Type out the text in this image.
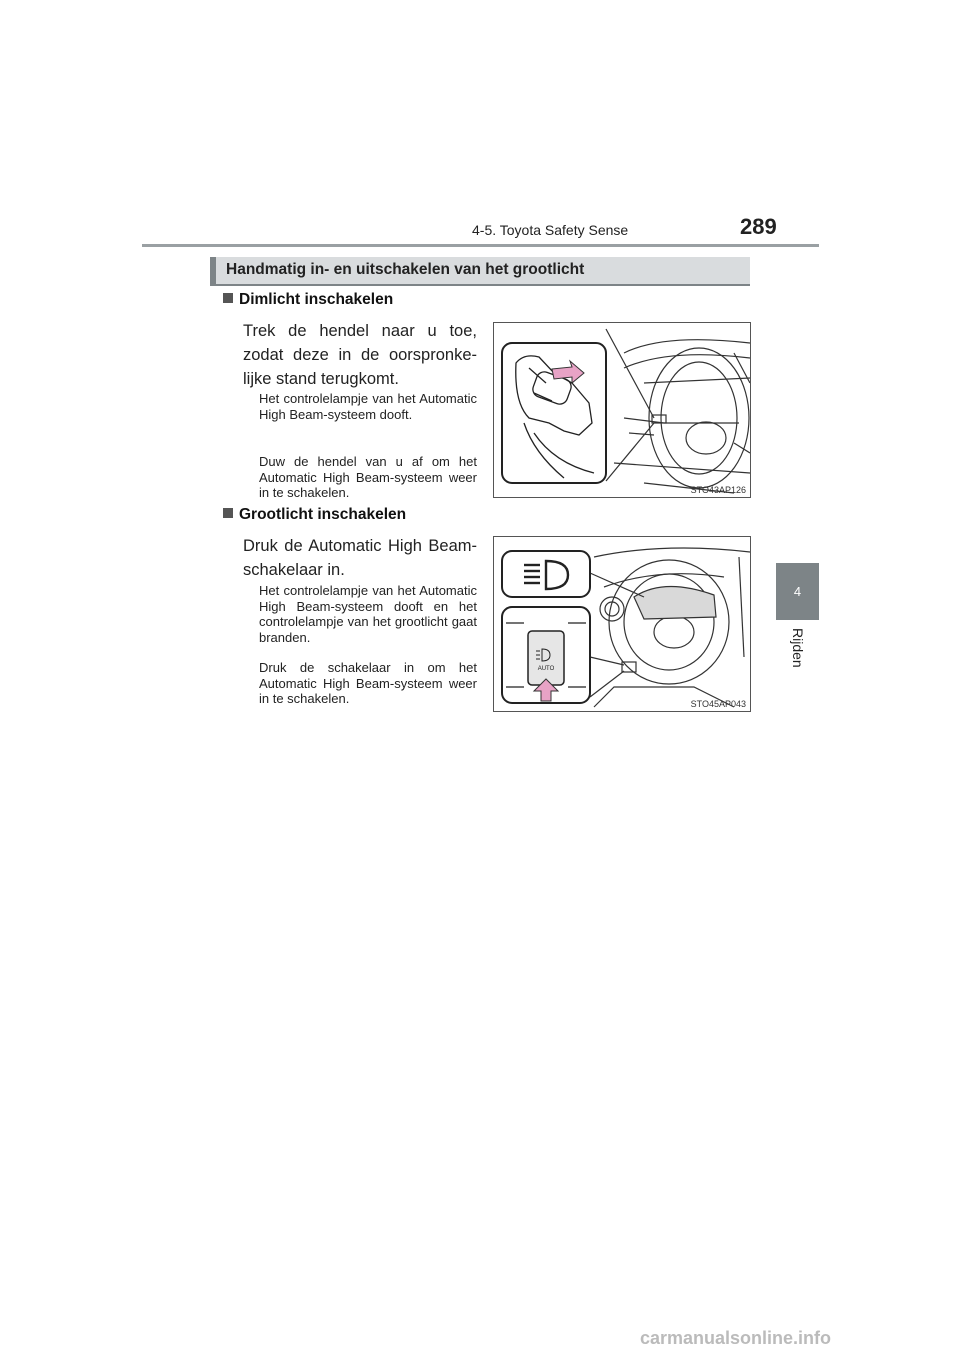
4-5. Toyota Safety Sense	289
4
Rijden
Handmatig in- en uitschakelen van het grootlicht
Dimlicht inschakelen
Trek de hendel naar u toe, zodat deze in de oorspronke-lijke stand terugkomt.
Het controlelampje van het Automatic High Beam-systeem dooft.
Duw de hendel van u af om het Automatic High Beam-systeem weer in te schakelen.	STO43AP126
Grootlicht inschakelen
Druk de Automatic High Beam-schakelaar in.
Het controlelampje van het Automatic High Beam-systeem dooft en het controlelampje van het grootlicht gaat branden.
Druk de schakelaar in om het Automatic High Beam-systeem weer in te schakelen.
AUTO
STO45AP043
carmanualsonline.info
